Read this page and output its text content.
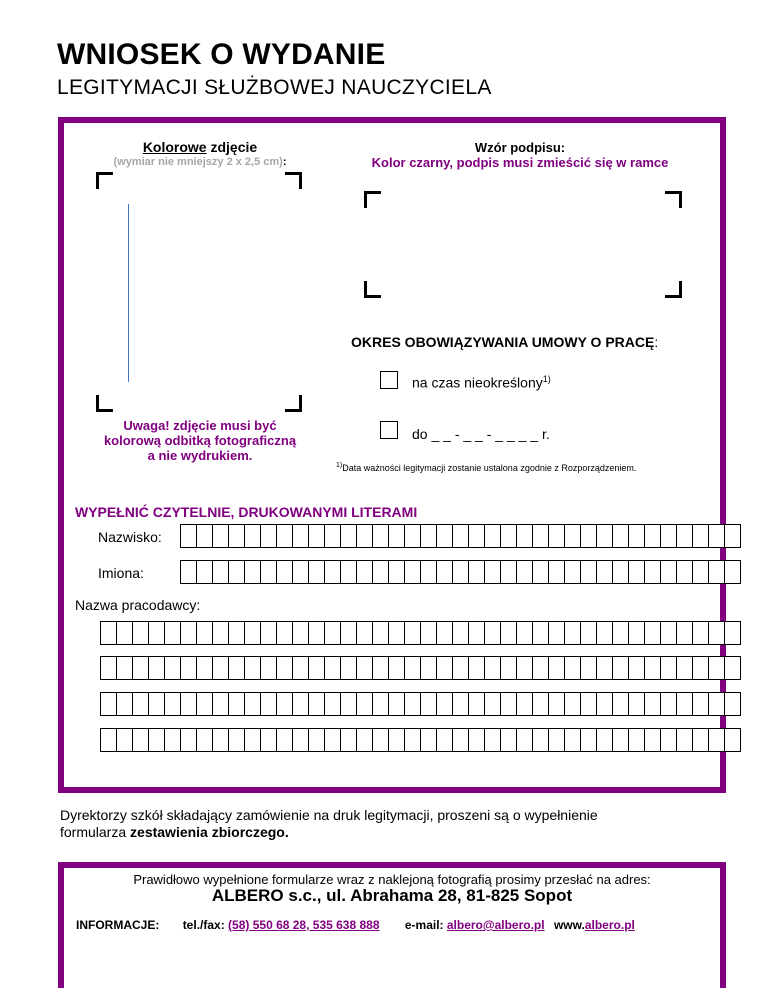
WNIOSEK O WYDANIE
LEGITYMACJI SŁUŻBOWEJ NAUCZYCIELA
Kolorowe zdjęcie
(wymiar nie mniejszy 2 x 2,5 cm):
Uwaga! zdjęcie musi być
kolorową odbitką fotograficzną
a nie wydrukiem.
Wzór podpisu:
Kolor czarny, podpis musi zmieścić się w ramce
OKRES OBOWIĄZYWANIA UMOWY O PRACĘ:
na czas nieokreślony$^{1)}$
do _ _ - _ _ - _ _ _ _ r.
$^{1)}$Data ważności legitymacji zostanie ustalona zgodnie z Rozporządzeniem.
WYPEŁNIĆ CZYTELNIE, DRUKOWANYMI LITERAMI
Nazwisko:
Imiona:
Nazwa pracodawcy:
Dyrektorzy szkół składający zamówienie na druk legitymacji, proszeni są o wypełnienie
formularza zestawienia zbiorczego.
Prawidłowo wypełnione formularze wraz z naklejoną fotografią prosimy przesłać na adres:
ALBERO s.c., ul. Abrahama 28, 81-825 Sopot
INFORMACJE: tel./fax: (58) 550 68 28, 535 638 888 e-mail: albero@albero.pl www.albero.pl
